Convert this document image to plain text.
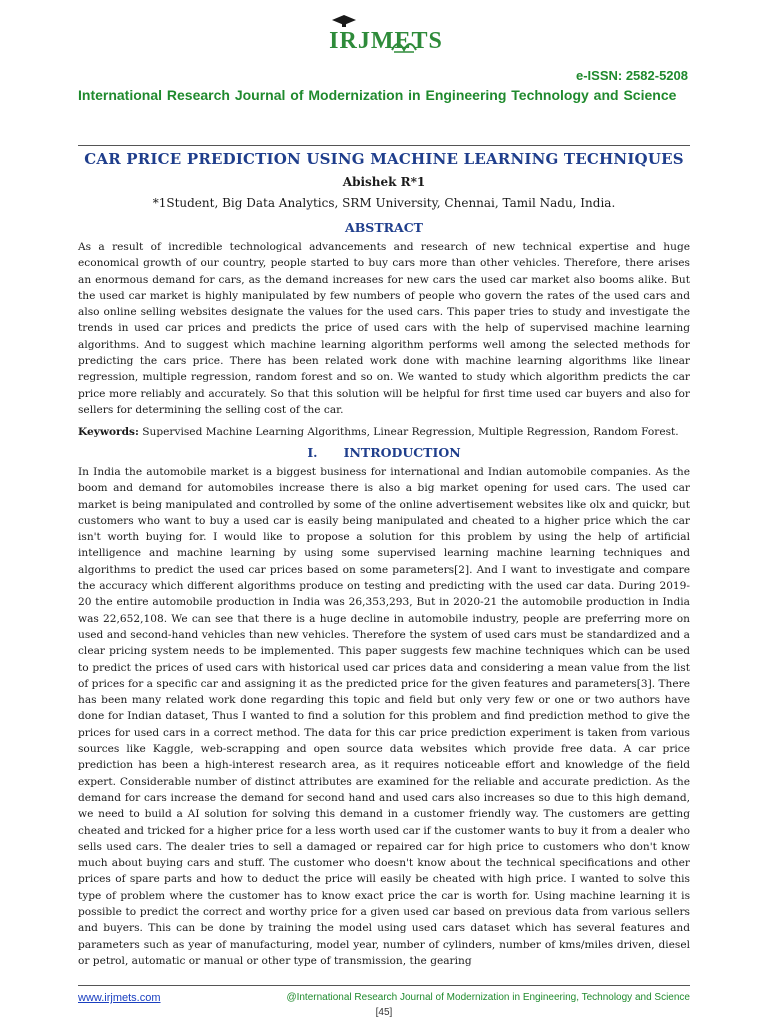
IRJMETS
e-ISSN: 2582-5208
International Research Journal of Modernization in Engineering Technology and Science
CAR PRICE PREDICTION USING MACHINE LEARNING TECHNIQUES
Abishek R*1
*1Student, Big Data Analytics, SRM University, Chennai, Tamil Nadu, India.
ABSTRACT
As a result of incredible technological advancements and research of new technical expertise and huge economical growth of our country, people started to buy cars more than other vehicles. Therefore, there arises an enormous demand for cars, as the demand increases for new cars the used car market also booms alike. But the used car market is highly manipulated by few numbers of people who govern the rates of the used cars and also online selling websites designate the values for the used cars. This paper tries to study and investigate the trends in used car prices and predicts the price of used cars with the help of supervised machine learning algorithms. And to suggest which machine learning algorithm performs well among the selected methods for predicting the cars price. There has been related work done with machine learning algorithms like linear regression, multiple regression, random forest and so on. We wanted to study which algorithm predicts the car price more reliably and accurately. So that this solution will be helpful for first time used car buyers and also for sellers for determining the selling cost of the car.
Keywords: Supervised Machine Learning Algorithms, Linear Regression, Multiple Regression, Random Forest.
I.      INTRODUCTION
In India the automobile market is a biggest business for international and Indian automobile companies. As the boom and demand for automobiles increase there is also a big market opening for used cars. The used car market is being manipulated and controlled by some of the online advertisement websites like olx and quickr, but customers who want to buy a used car is easily being manipulated and cheated to a higher price which the car isn't worth buying for. I would like to propose a solution for this problem by using the help of artificial intelligence and machine learning by using some supervised learning machine learning techniques and algorithms to predict the used car prices based on some parameters[2]. And I want to investigate and compare the accuracy which different algorithms produce on testing and predicting with the used car data. During 2019-20 the entire automobile production in India was 26,353,293, But in 2020-21 the automobile production in India was 22,652,108. We can see that there is a huge decline in automobile industry, people are preferring more on used and second-hand vehicles than new vehicles. Therefore the system of used cars must be standardized and a clear pricing system needs to be implemented. This paper suggests few machine techniques which can be used to predict the prices of used cars with historical used car prices data and considering a mean value from the list of prices for a specific car and assigning it as the predicted price for the given features and parameters[3]. There has been many related work done regarding this topic and field but only very few or one or two authors have done for Indian dataset, Thus I wanted to find a solution for this problem and find prediction method to give the prices for used cars in a correct method. The data for this car price prediction experiment is taken from various sources like Kaggle, web-scrapping and open source data websites which provide free data. A car price prediction has been a high-interest research area, as it requires noticeable effort and knowledge of the field expert. Considerable number of distinct attributes are examined for the reliable and accurate prediction. As the demand for cars increase the demand for second hand and used cars also increases so due to this high demand, we need to build a AI solution for solving this demand in a customer friendly way. The customers are getting cheated and tricked for a higher price for a less worth used car if the customer wants to buy it from a dealer who sells used cars. The dealer tries to sell a damaged or repaired car for high price to customers who don't know much about buying cars and stuff. The customer who doesn't know about the technical specifications and other prices of spare parts and how to deduct the price will easily be cheated with high price. I wanted to solve this type of problem where the customer has to know exact price the car is worth for. Using machine learning it is possible to predict the correct and worthy price for a given used car based on previous data from various sellers and buyers. This can be done by training the model using used cars dataset which has several features and parameters such as year of manufacturing, model year, number of cylinders, number of kms/miles driven, diesel or petrol, automatic or manual or other type of transmission, the gearing
www.irjmets.com	@International Research Journal of Modernization in Engineering, Technology and Science
[45]
